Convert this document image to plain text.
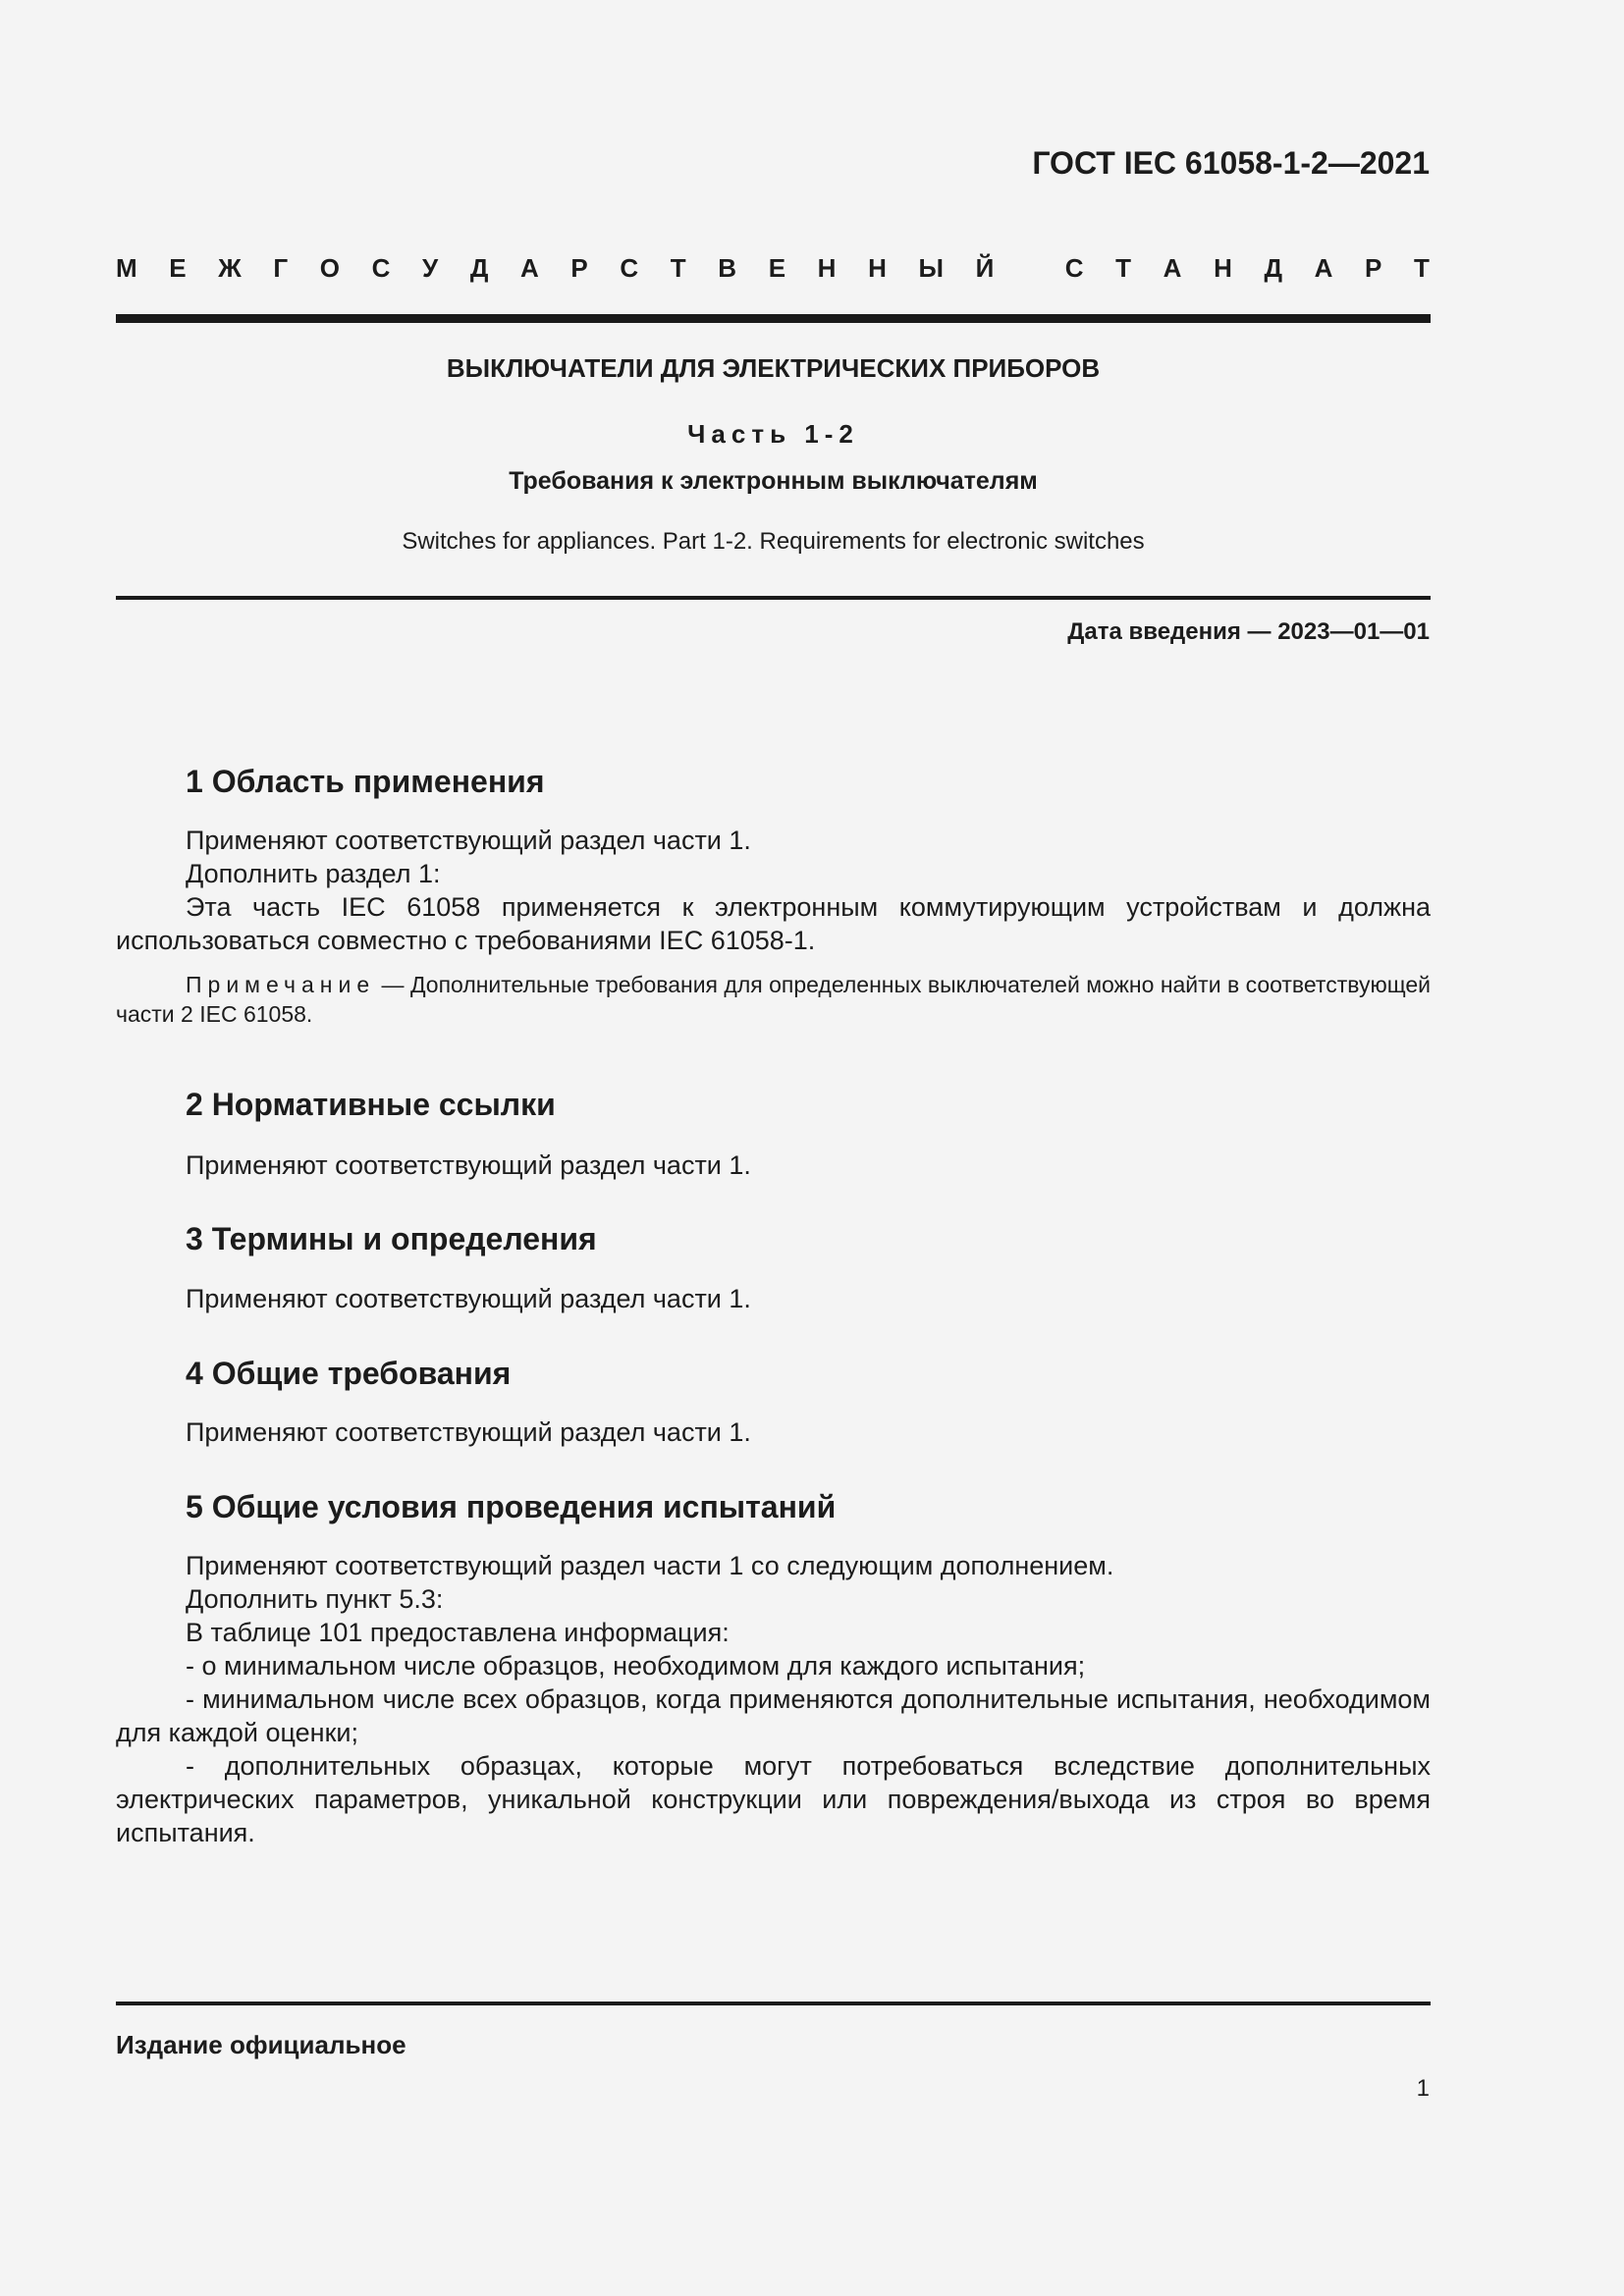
ГОСТ IEC 61058-1-2—2021
М Е Ж Г О С У Д А Р С Т В Е Н Н Ы Й
	С Т А Н Д А Р Т
ВЫКЛЮЧАТЕЛИ ДЛЯ ЭЛЕКТРИЧЕСКИХ ПРИБОРОВ
Часть 1-2
Требования к электронным выключателям
Switches for appliances. Part 1-2. Requirements for electronic switches
Дата введения — 2023—01—01
1 Область применения
Применяют соответствующий раздел части 1.
Дополнить раздел 1:
Эта часть IEC 61058 применяется к электронным коммутирующим устройствам и должна использоваться совместно с требованиями IEC 61058-1.
Примечание — Дополнительные требования для определенных выключателей можно найти в соответствующей части 2 IEC 61058.
2 Нормативные ссылки
Применяют соответствующий раздел части 1.
3 Термины и определения
Применяют соответствующий раздел части 1.
4 Общие требования
Применяют соответствующий раздел части 1.
5 Общие условия проведения испытаний
Применяют соответствующий раздел части 1 со следующим дополнением.
Дополнить пункт 5.3:
В таблице 101 предоставлена информация:
- о минимальном числе образцов, необходимом для каждого испытания;
- минимальном числе всех образцов, когда применяются дополнительные испытания, необходимом для каждой оценки;
- дополнительных образцах, которые могут потребоваться вследствие дополнительных электрических параметров, уникальной конструкции или повреждения/выхода из строя во время испытания.
Издание официальное
1
